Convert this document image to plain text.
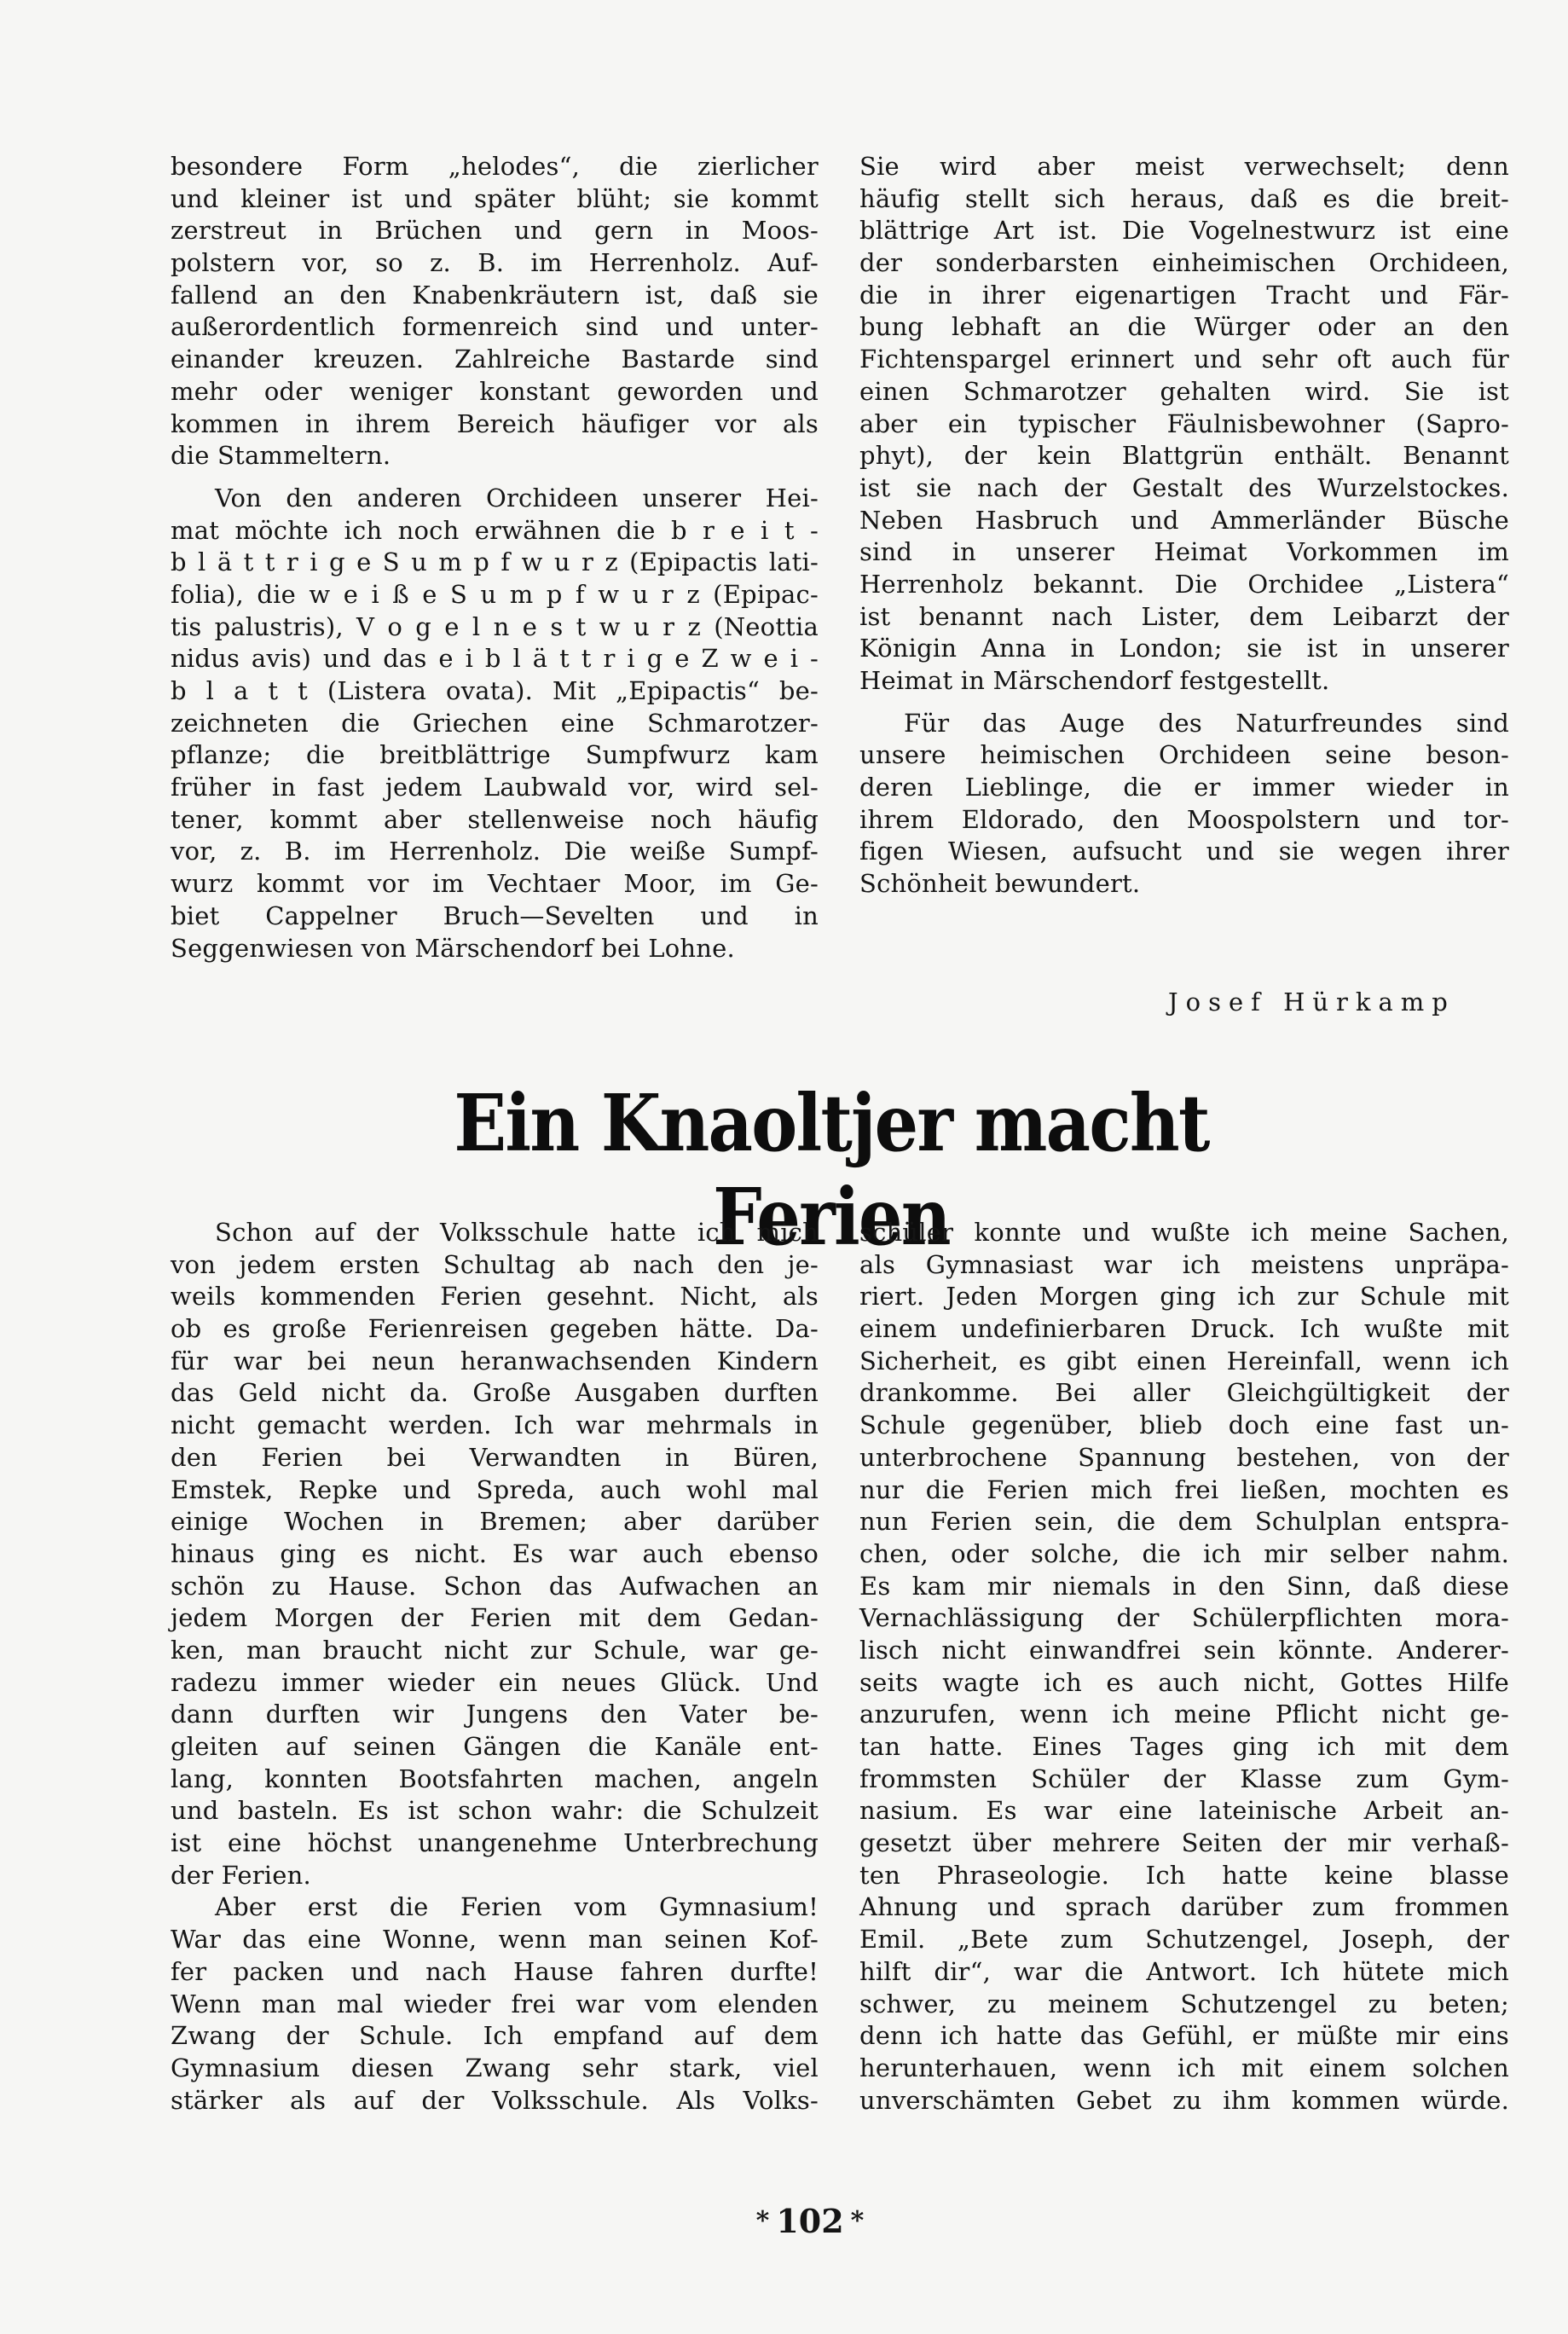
besondere Form „helodes“, die zierlicher
und kleiner ist und später blüht; sie kommt
zerstreut in Brüchen und gern in Moos-
polstern vor, so z. B. im Herrenholz. Auf-
fallend an den Knabenkräutern ist, daß sie
außerordentlich formenreich sind und unter-
einander kreuzen. Zahlreiche Bastarde sind
mehr oder weniger konstant geworden und
kommen in ihrem Bereich häufiger vor als
die Stammeltern.
Von den anderen Orchideen unserer Hei-
mat möchte ich noch erwähnen die b r e i t -
b l ä t t r i g e S u m p f w u r z (Epipactis lati-
folia), die w e i ß e S u m p f w u r z (Epipac-
tis palustris), V o g e l n e s t w u r z (Neottia
nidus avis) und das e i b l ä t t r i g e Z w e i -
b l a t t (Listera ovata). Mit „Epipactis“ be-
zeichneten die Griechen eine Schmarotzer-
pflanze; die breitblättrige Sumpfwurz kam
früher in fast jedem Laubwald vor, wird sel-
tener, kommt aber stellenweise noch häufig
vor, z. B. im Herrenholz. Die weiße Sumpf-
wurz kommt vor im Vechtaer Moor, im Ge-
biet Cappelner Bruch—Sevelten und in
Seggenwiesen von Märschendorf bei Lohne.
Sie wird aber meist verwechselt; denn
häufig stellt sich heraus, daß es die breit-
blättrige Art ist. Die Vogelnestwurz ist eine
der sonderbarsten einheimischen Orchideen,
die in ihrer eigenartigen Tracht und Fär-
bung lebhaft an die Würger oder an den
Fichtenspargel erinnert und sehr oft auch für
einen Schmarotzer gehalten wird. Sie ist
aber ein typischer Fäulnisbewohner (Sapro-
phyt), der kein Blattgrün enthält. Benannt
ist sie nach der Gestalt des Wurzelstockes.
Neben Hasbruch und Ammerländer Büsche
sind in unserer Heimat Vorkommen im
Herrenholz bekannt. Die Orchidee „Listera“
ist benannt nach Lister, dem Leibarzt der
Königin Anna in London; sie ist in unserer
Heimat in Märschendorf festgestellt.
Für das Auge des Naturfreundes sind
unsere heimischen Orchideen seine beson-
deren Lieblinge, die er immer wieder in
ihrem Eldorado, den Moospolstern und tor-
figen Wiesen, aufsucht und sie wegen ihrer
Schönheit bewundert.
Josef Hürkamp
Ein Knaoltjer macht Ferien
Schon auf der Volksschule hatte ich mich
von jedem ersten Schultag ab nach den je-
weils kommenden Ferien gesehnt. Nicht, als
ob es große Ferienreisen gegeben hätte. Da-
für war bei neun heranwachsenden Kindern
das Geld nicht da. Große Ausgaben durften
nicht gemacht werden. Ich war mehrmals in
den Ferien bei Verwandten in Büren,
Emstek, Repke und Spreda, auch wohl mal
einige Wochen in Bremen; aber darüber
hinaus ging es nicht. Es war auch ebenso
schön zu Hause. Schon das Aufwachen an
jedem Morgen der Ferien mit dem Gedan-
ken, man braucht nicht zur Schule, war ge-
radezu immer wieder ein neues Glück. Und
dann durften wir Jungens den Vater be-
gleiten auf seinen Gängen die Kanäle ent-
lang, konnten Bootsfahrten machen, angeln
und basteln. Es ist schon wahr: die Schulzeit
ist eine höchst unangenehme Unterbrechung
der Ferien.
Aber erst die Ferien vom Gymnasium!
War das eine Wonne, wenn man seinen Kof-
fer packen und nach Hause fahren durfte!
Wenn man mal wieder frei war vom elenden
Zwang der Schule. Ich empfand auf dem
Gymnasium diesen Zwang sehr stark, viel
stärker als auf der Volksschule. Als Volks-
schüler konnte und wußte ich meine Sachen,
als Gymnasiast war ich meistens unpräpa-
riert. Jeden Morgen ging ich zur Schule mit
einem undefinierbaren Druck. Ich wußte mit
Sicherheit, es gibt einen Hereinfall, wenn ich
drankomme. Bei aller Gleichgültigkeit der
Schule gegenüber, blieb doch eine fast un-
unterbrochene Spannung bestehen, von der
nur die Ferien mich frei ließen, mochten es
nun Ferien sein, die dem Schulplan entspra-
chen, oder solche, die ich mir selber nahm.
Es kam mir niemals in den Sinn, daß diese
Vernachlässigung der Schülerpflichten mora-
lisch nicht einwandfrei sein könnte. Anderer-
seits wagte ich es auch nicht, Gottes Hilfe
anzurufen, wenn ich meine Pflicht nicht ge-
tan hatte. Eines Tages ging ich mit dem
frommsten Schüler der Klasse zum Gym-
nasium. Es war eine lateinische Arbeit an-
gesetzt über mehrere Seiten der mir verhaß-
ten Phraseologie. Ich hatte keine blasse
Ahnung und sprach darüber zum frommen
Emil. „Bete zum Schutzengel, Joseph, der
hilft dir“, war die Antwort. Ich hütete mich
schwer, zu meinem Schutzengel zu beten;
denn ich hatte das Gefühl, er müßte mir eins
herunterhauen, wenn ich mit einem solchen
unverschämten Gebet zu ihm kommen würde.
* 102 *
